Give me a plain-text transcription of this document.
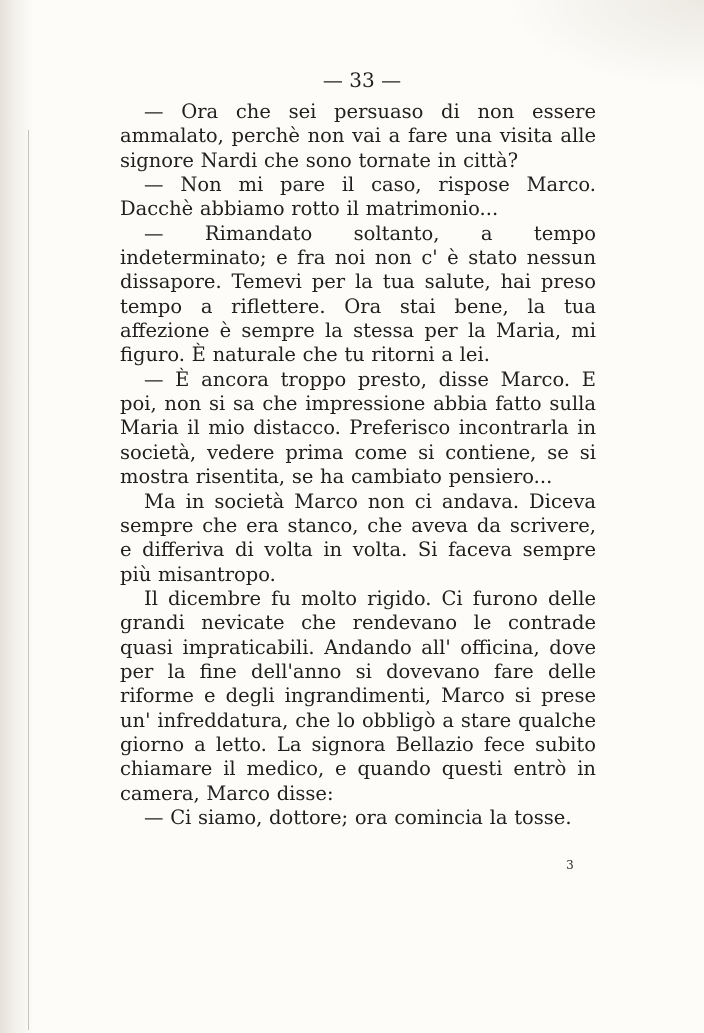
— 33 —

— Ora che sei persuaso di non essere ammalato, perchè non vai a fare una visita alle signore Nardi che sono tornate in città?

— Non mi pare il caso, rispose Marco. Dacchè abbiamo rotto il matrimonio...

— Rimandato soltanto, a tempo indeterminato; e fra noi non c' è stato nessun dissapore. Temevi per la tua salute, hai preso tempo a riflettere. Ora stai bene, la tua affezione è sempre la stessa per la Maria, mi figuro. È naturale che tu ritorni a lei.

— È ancora troppo presto, disse Marco. E poi, non si sa che impressione abbia fatto sulla Maria il mio distacco. Preferisco incontrarla in società, vedere prima come si contiene, se si mostra risentita, se ha cambiato pensiero...

Ma in società Marco non ci andava. Diceva sempre che era stanco, che aveva da scrivere, e differiva di volta in volta. Si faceva sempre più misantropo.

Il dicembre fu molto rigido. Ci furono delle grandi nevicate che rendevano le contrade quasi impraticabili. Andando all' officina, dove per la fine dell'anno si dovevano fare delle riforme e degli ingrandimenti, Marco si prese un' infreddatura, che lo obbligò a stare qualche giorno a letto. La signora Bellazio fece subito chiamare il medico, e quando questi entrò in camera, Marco disse:

— Ci siamo, dottore; ora comincia la tosse.

3
